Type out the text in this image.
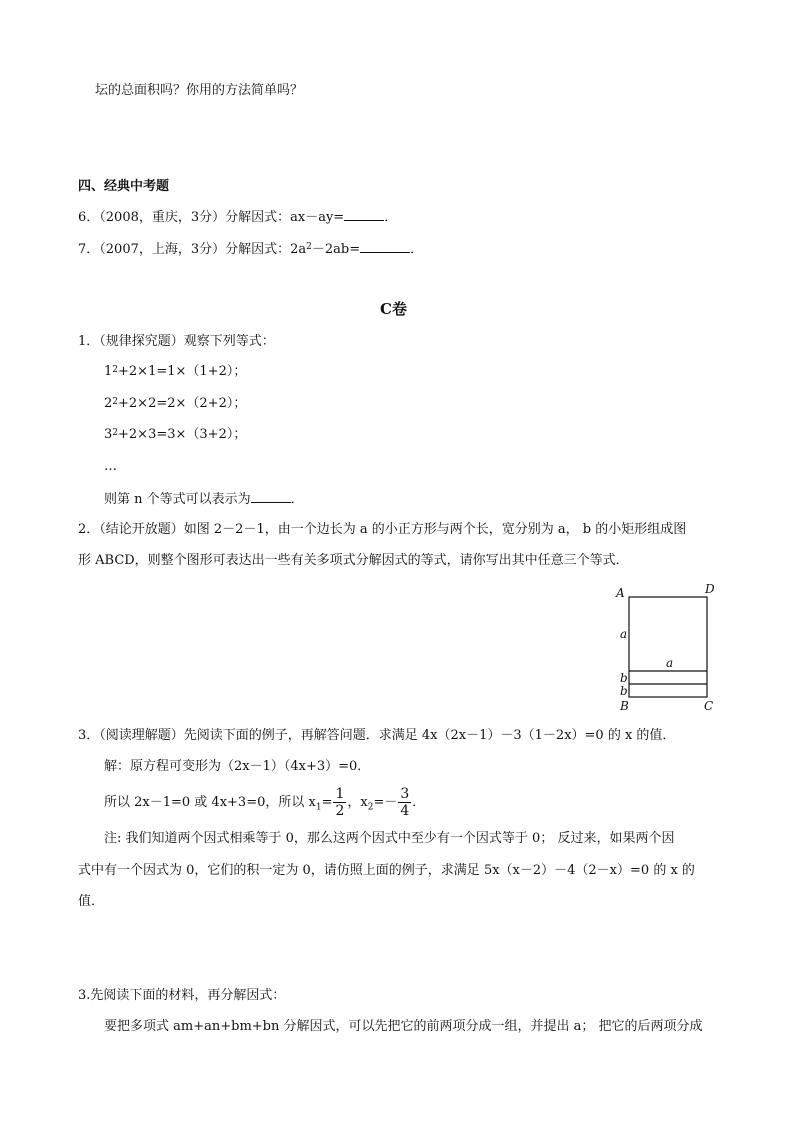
坛的总面积吗？你用的方法简单吗？
四、经典中考题
6．（2008，重庆，3分）分解因式：ax－ay=	．
7．（2007，上海，3分）分解因式：$2a^2-2ab=$	．
C卷
1．（规律探究题）观察下列等式：
$1^2+2\times 1=1\times(1+2)$；
$2^2+2\times 2=2\times(2+2)$；
$3^2+2\times 3=3\times(3+2)$；
…
则第 n 个等式可以表示为	．
2．（结论开放题）如图 2－2－1，由一个边长为 a 的小正方形与两个长，宽分别为 a， b 的小矩形组成图
形 ABCD，则整个图形可表达出一些有关多项式分解因式的等式，请你写出其中任意三个等式．
A	D
a
a
b
b
B	C
3．（阅读理解题）先阅读下面的例子，再解答问题．求满足 4x（2x－1）－3（1－2x）=0 的 x 的值．
解：原方程可变形为（2x－1）（4x+3）=0．
所以 2x－1=0 或 4x+3=0，所以 $x_1= \frac{1}{2}$ ，$x_2=- \frac{3}{4}$ ．
注: 我们知道两个因式相乘等于 0，那么这两个因式中至少有一个因式等于 0； 反过来，如果两个因
式中有一个因式为 0，它们的积一定为 0，请仿照上面的例子，求满足 5x（x－2）－4（2－x）=0 的 x 的
值．
3.先阅读下面的材料，再分解因式：
要把多项式 am+an+bm+bn 分解因式，可以先把它的前两项分成一组，并提出 a； 把它的后两项分成
